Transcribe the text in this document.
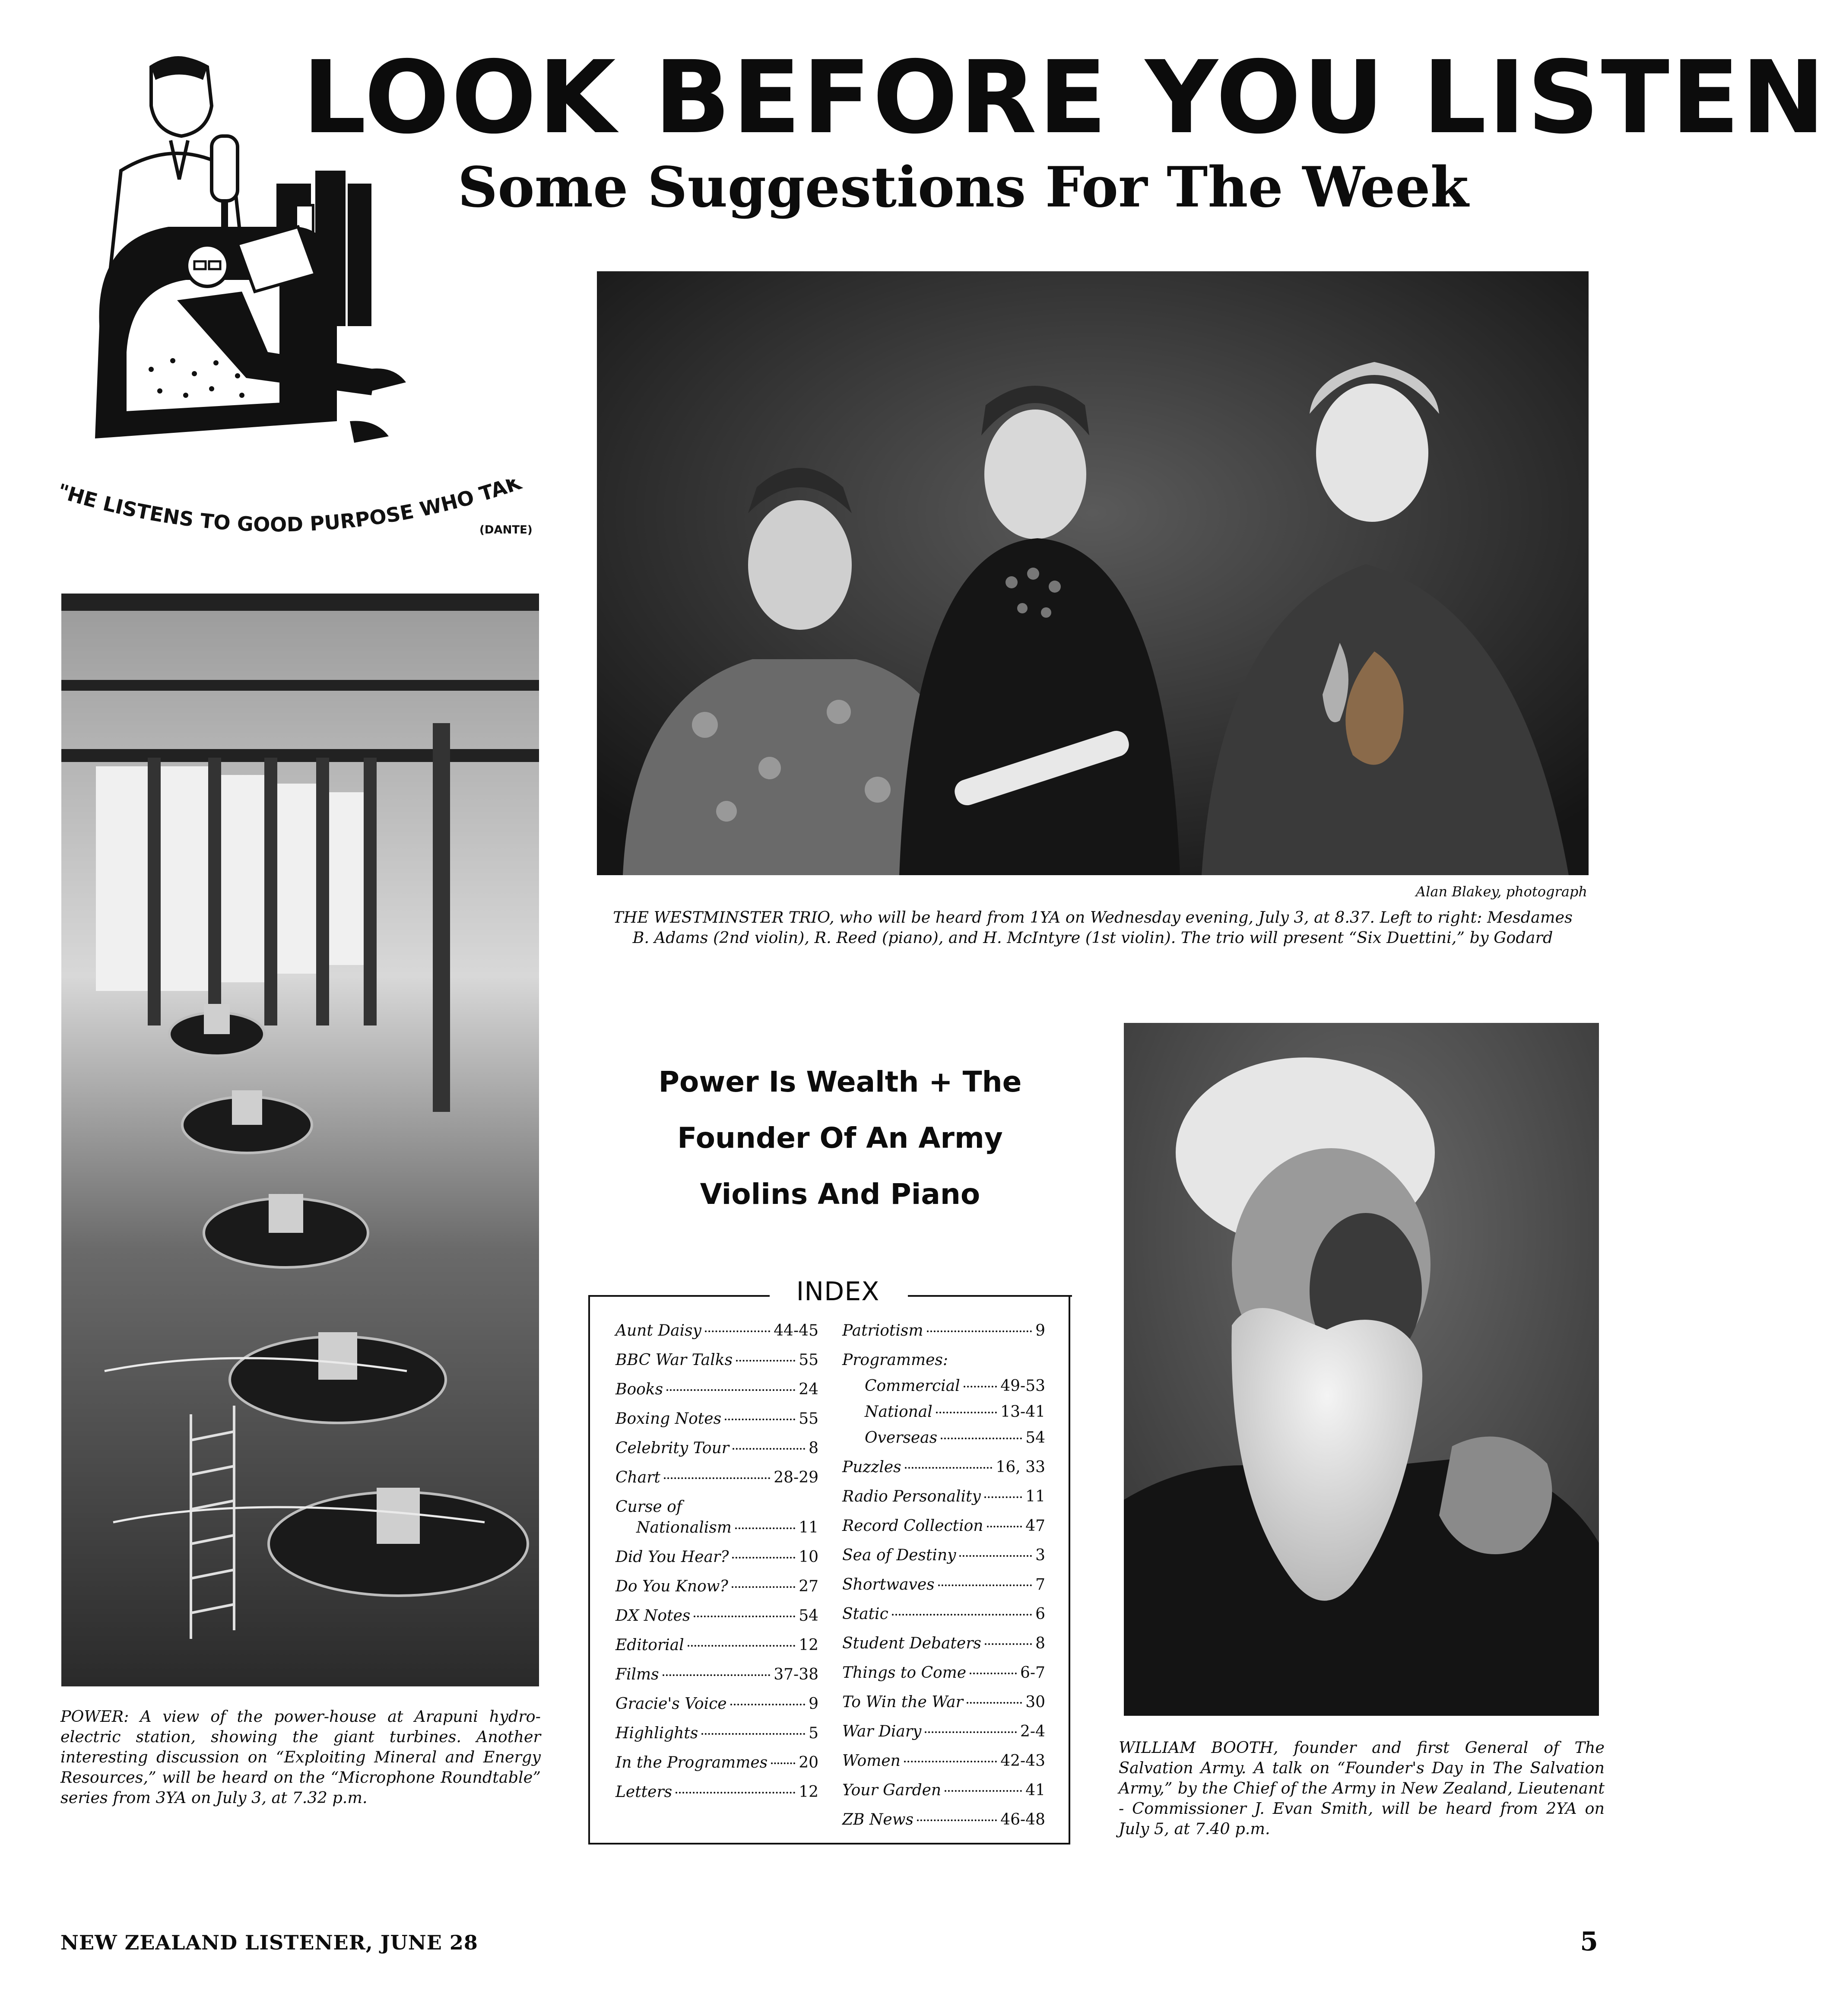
LOOK BEFORE YOU LISTEN
Some Suggestions For The Week
"HE LISTENS TO GOOD PURPOSE WHO TAK
(DANTE)
Alan Blakey, photograph
THE WESTMINSTER TRIO, who will be heard from 1YA on Wednesday evening, July 3, at 8.37. Left to right: Mesdames B. Adams (2nd violin), R. Reed (piano), and H. McIntyre (1st violin). The trio will present “Six Duettini,” by Godard
POWER: A view of the power-house at Arapuni hydro-electric station, showing the giant turbines. Another interesting discussion on “Exploiting Mineral and Energy Resources,” will be heard on the “Microphone Roundtable” series from 3YA on July 3, at 7.32 p.m.
Power Is Wealth + The
Founder Of An Army
Violins And Piano
INDEX
Aunt Daisy	44-45
BBC War Talks	55
Books	24
Boxing Notes	55
Celebrity Tour	8
Chart	28-29
Curse of
Nationalism	11
Did You Hear?	10
Do You Know?	27
DX Notes	54
Editorial	12
Films	37-38
Gracie's Voice	9
Highlights	5
In the Programmes 20
Letters	12
Patriotism	9
Programmes:
Commercial	49-53
National	13-41
Overseas	54
Puzzles	16, 33
Radio Personality	11
Record Collection	47
Sea of Destiny	3
Shortwaves	7
Static	6
Student Debaters	8
Things to Come	6-7
To Win the War	30
War Diary	2-4
Women	42-43
Your Garden	41
ZB News	46-48
WILLIAM BOOTH, founder and first General of The Salvation Army. A talk on “Founder's Day in The Salvation Army,” by the Chief of the Army in New Zealand, Lieutenant - Commissioner J. Evan Smith, will be heard from 2YA on July 5, at 7.40 p.m.
NEW ZEALAND LISTENER, JUNE 28	5
